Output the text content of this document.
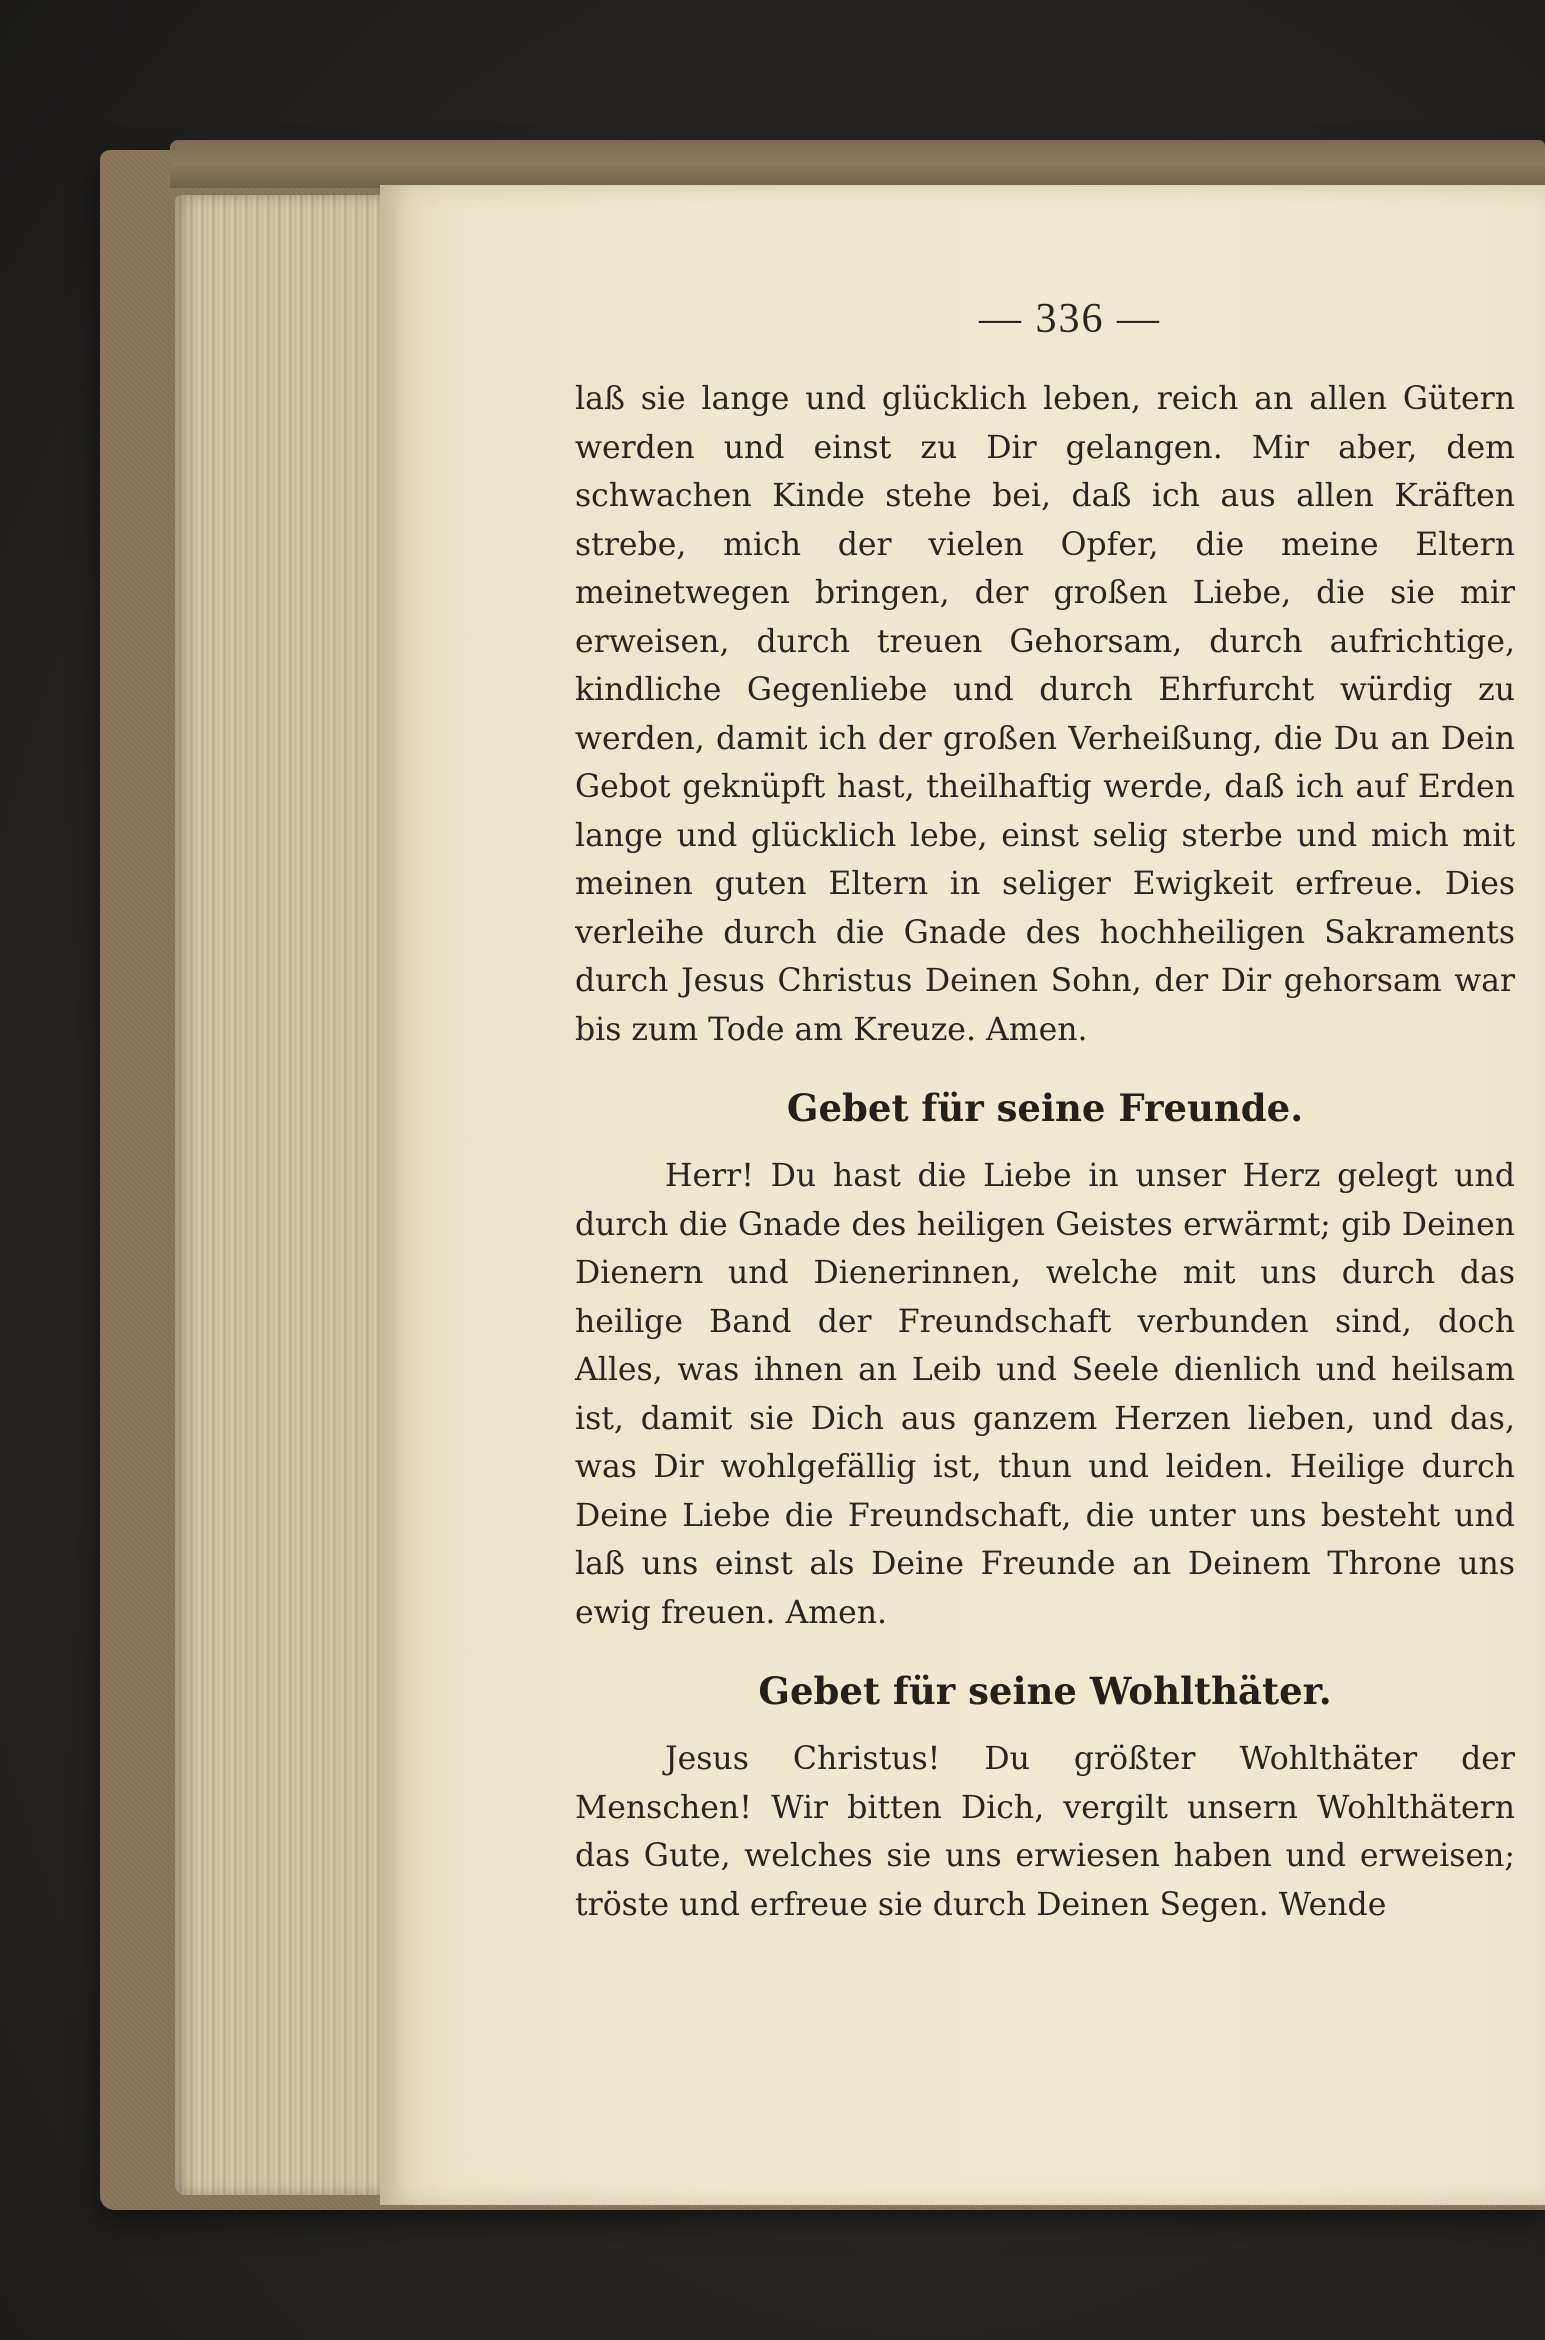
— 336 —

laß sie lange und glücklich leben, reich an allen Gütern werden und einst zu Dir gelangen. Mir aber, dem schwachen Kinde stehe bei, daß ich aus allen Kräften strebe, mich der vielen Opfer, die meine Eltern meinetwegen bringen, der großen Liebe, die sie mir erweisen, durch treuen Gehorsam, durch aufrichtige, kindliche Gegenliebe und durch Ehrfurcht würdig zu werden, damit ich der großen Verheißung, die Du an Dein Gebot geknüpft hast, theilhaftig werde, daß ich auf Erden lange und glücklich lebe, einst selig sterbe und mich mit meinen guten Eltern in seliger Ewigkeit erfreue. Dies verleihe durch die Gnade des hochheiligen Sakraments durch Jesus Christus Deinen Sohn, der Dir gehorsam war bis zum Tode am Kreuze. Amen.

Gebet für seine Freunde.

Herr! Du hast die Liebe in unser Herz gelegt und durch die Gnade des heiligen Geistes erwärmt; gib Deinen Dienern und Dienerinnen, welche mit uns durch das heilige Band der Freundschaft verbunden sind, doch Alles, was ihnen an Leib und Seele dienlich und heilsam ist, damit sie Dich aus ganzem Herzen lieben, und das, was Dir wohlgefällig ist, thun und leiden. Heilige durch Deine Liebe die Freundschaft, die unter uns besteht und laß uns einst als Deine Freunde an Deinem Throne uns ewig freuen. Amen.

Gebet für seine Wohlthäter.

Jesus Christus! Du größter Wohlthäter der Menschen! Wir bitten Dich, vergilt unsern Wohlthätern das Gute, welches sie uns erwiesen haben und erweisen; tröste und erfreue sie durch Deinen Segen. Wende
